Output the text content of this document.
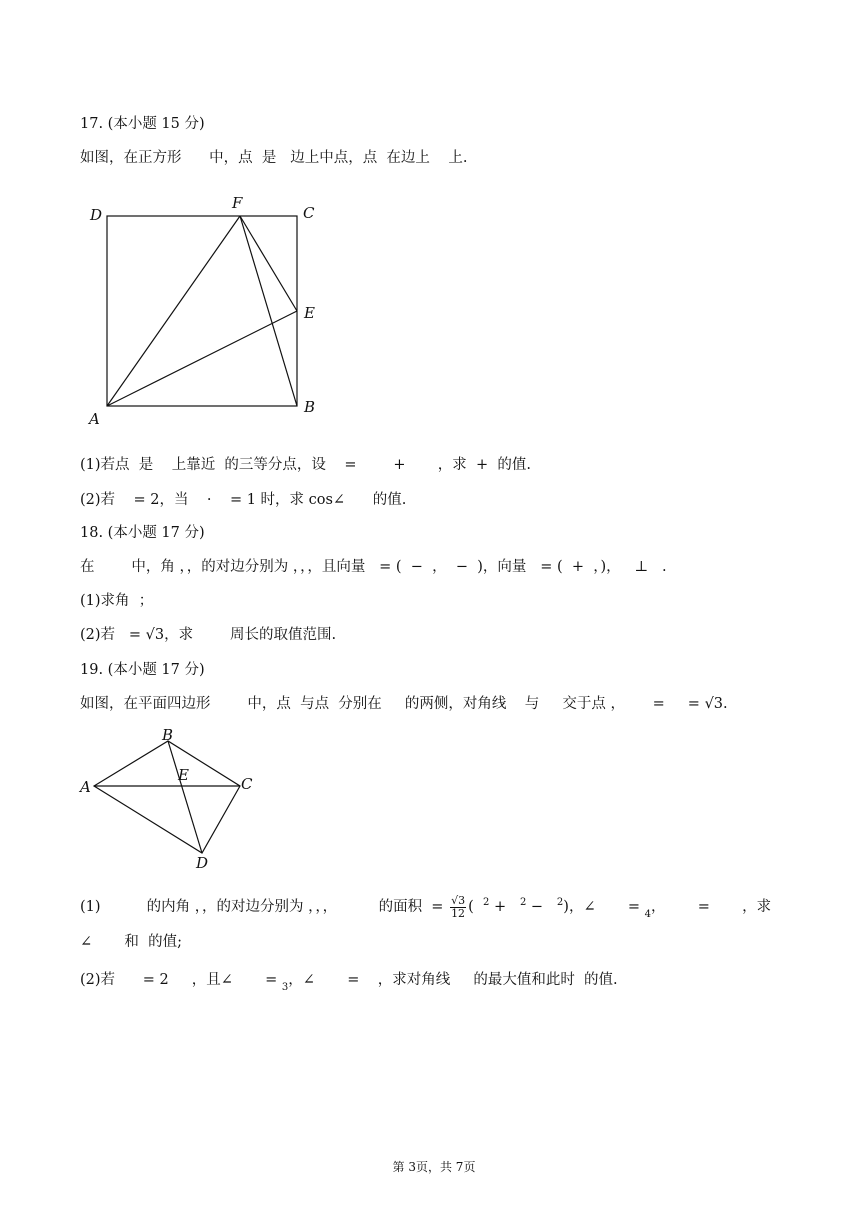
17. (本小题 15 分)
如图，在正方形      中，点  是   边上中点，点  在边上    上.
D
F
C
E
A
B
(1)若点  是    上靠近  的三等分点，设    =        +       ，求  +  的值.
(2)若    = 2，当    ·    = 1 时，求 cos∠      的值.
18. (本小题 17 分)
在        中，角 ，，的对边分别为 ，，，且向量   = (  −  ，  −  )，向量   = (  +  ，)，   ⊥   .
(1)求角  ；
(2)若   = √3，求        周长的取值范围.
19. (本小题 17 分)
如图，在平面四边形        中，点  与点  分别在     的两侧，对角线    与     交于点 ，      =     = √3.
A
B
C
E
D
(1)          的内角 ，，的对边分别为 ，，，         的面积  = $\frac{√3}{12}$ (  $^2$ +   $^2$ −   $^2$)，∠       = $_4$，       =       ，求
∠       和  的值;
(2)若      = 2     ，且∠       = $_3$，∠       =    ，求对角线     的最大值和此时  的值.
第 3页，共 7页
